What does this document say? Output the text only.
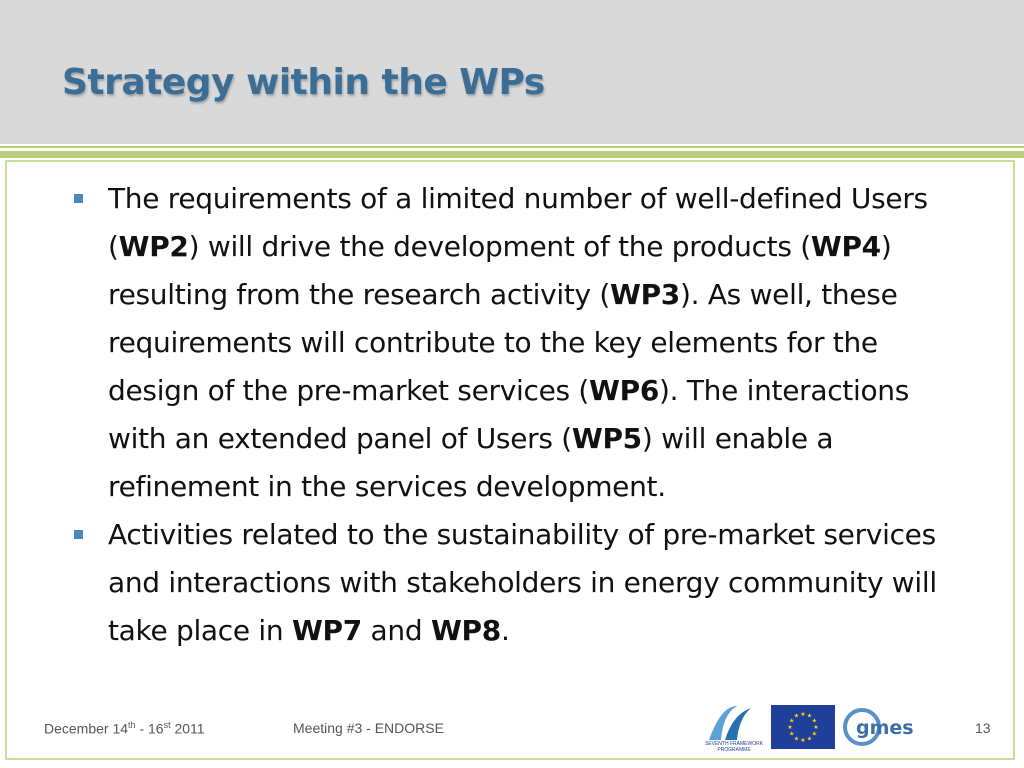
Strategy within the WPs
The requirements of a limited number of well-defined Users (WP2) will drive the development of the products (WP4) resulting from the research activity (WP3). As well, these requirements will contribute to the key elements for the design of the pre-market services (WP6). The interactions with an extended panel of Users (WP5) will enable a refinement in the services development.
Activities related to the sustainability of pre-market services and interactions with stakeholders in energy community will take place in WP7 and WP8.
December 14th - 16st 2011	Meeting #3 - ENDORSE	13
SEVENTH FRAMEWORK
PROGRAMME
★ ★
★
★
★
★
★
★
★
★
★
★
gmes
